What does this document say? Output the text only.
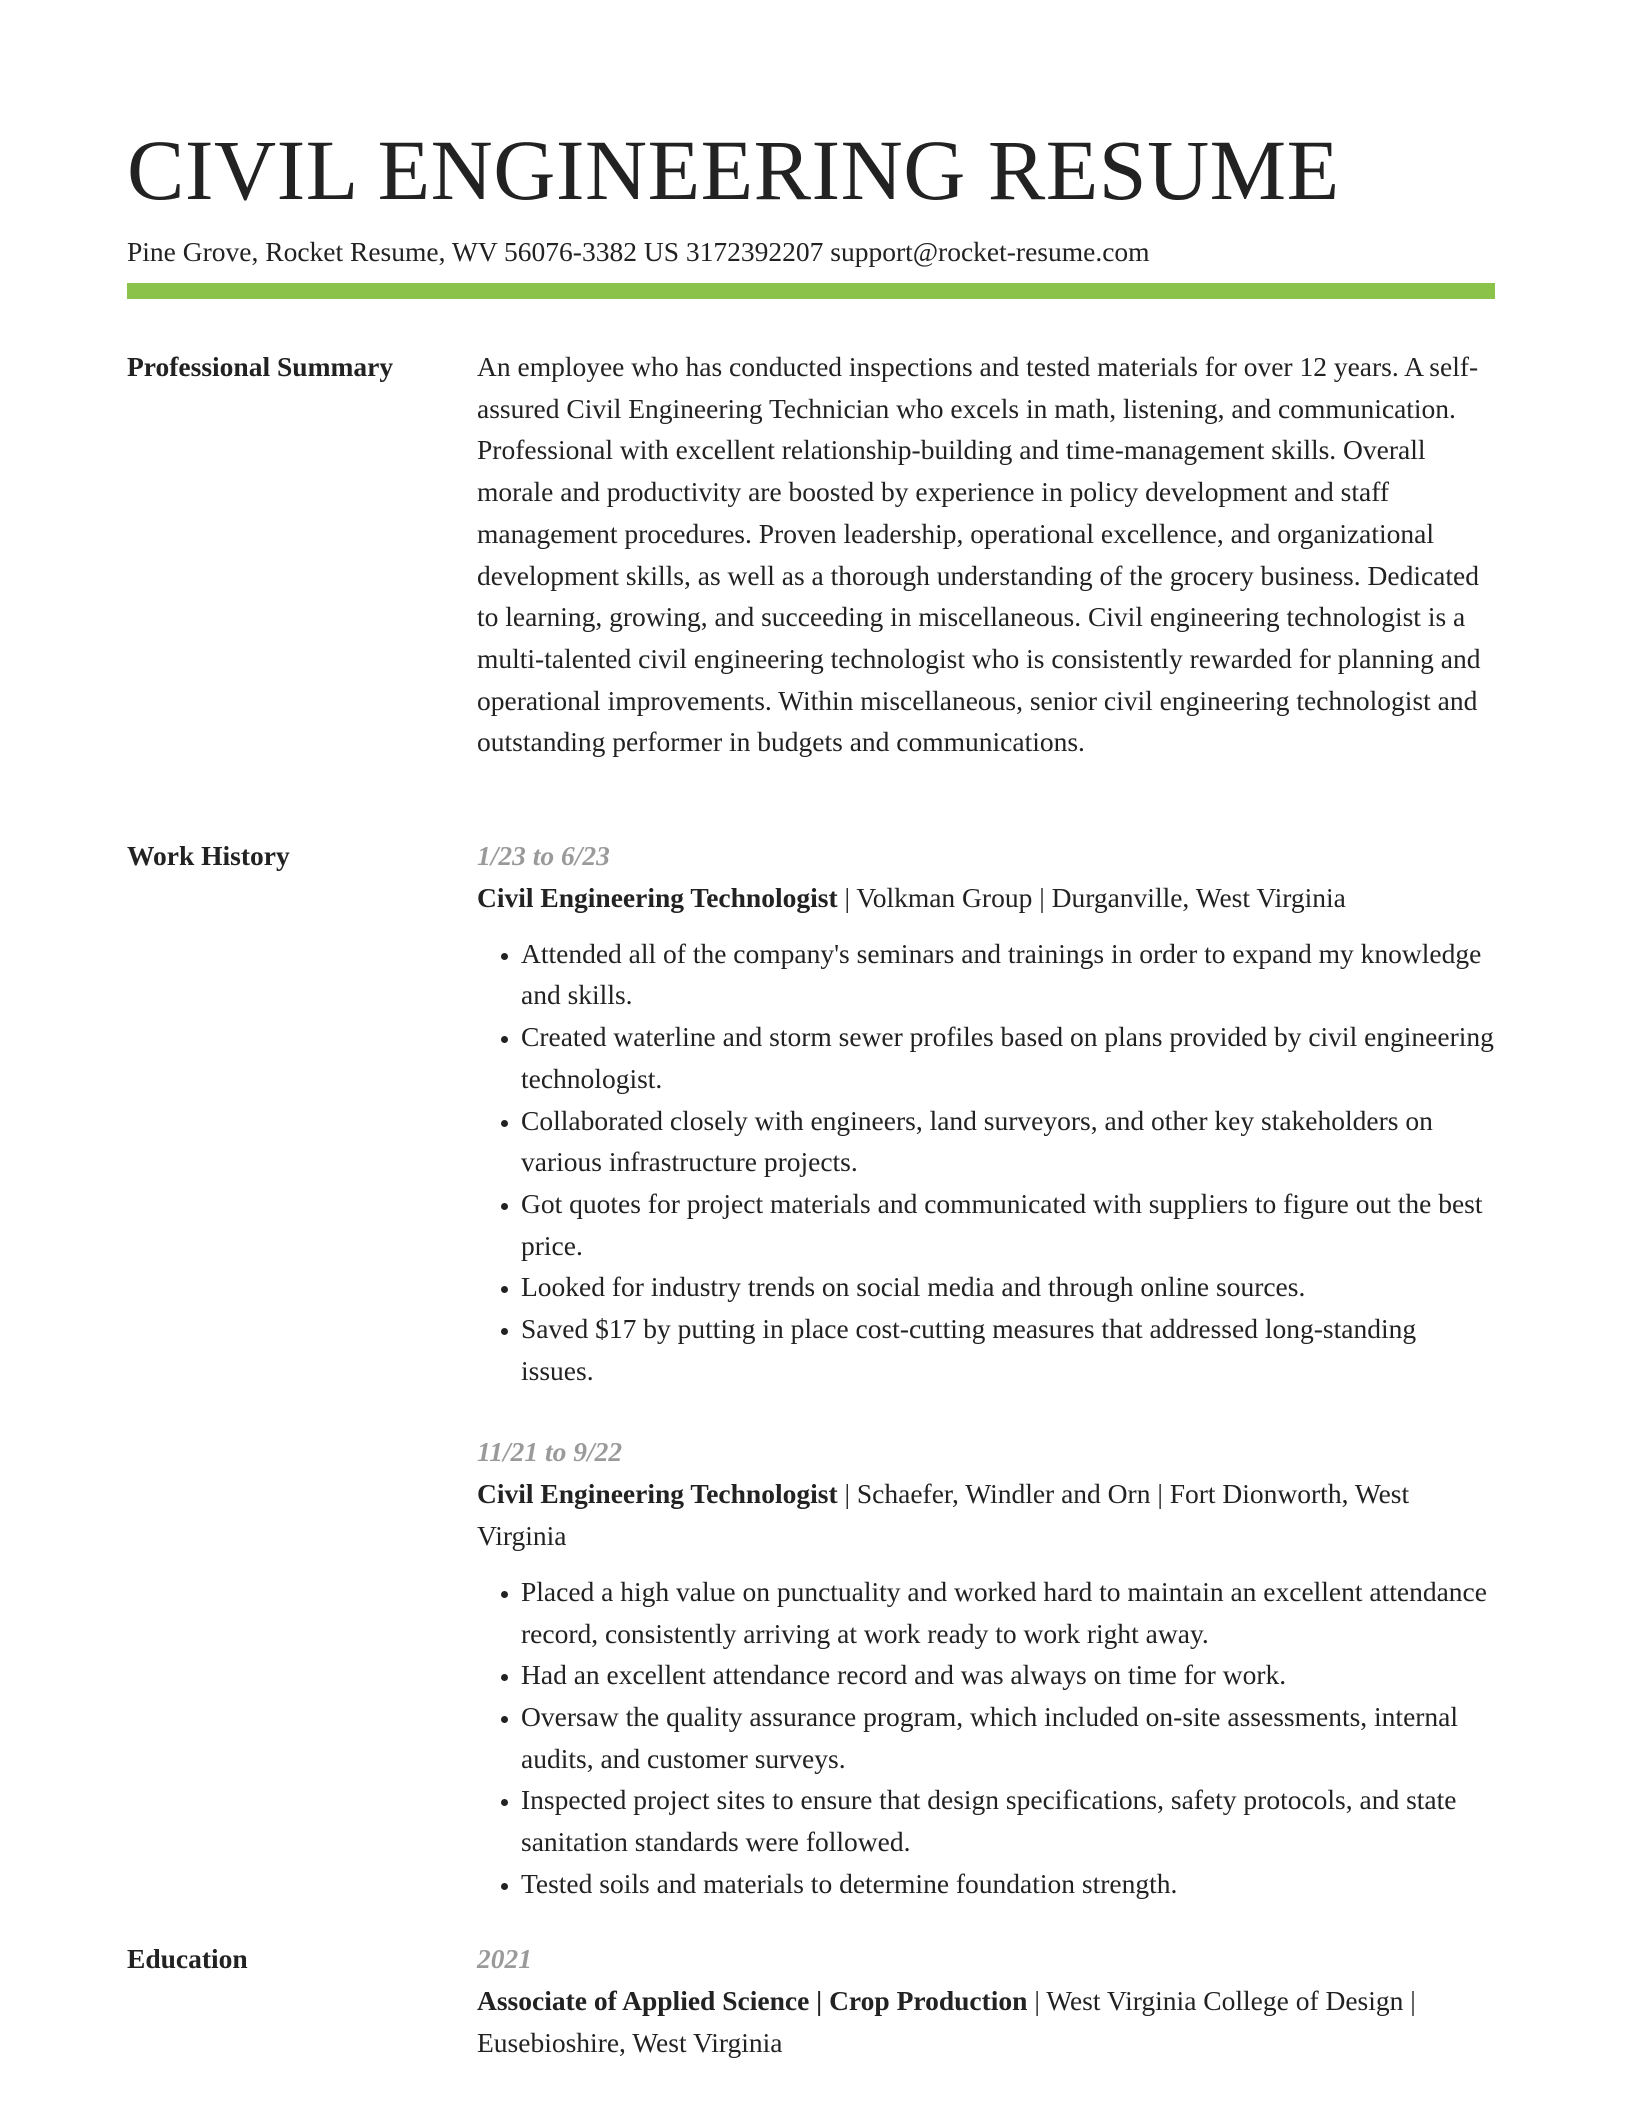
CIVIL ENGINEERING RESUME
Pine Grove, Rocket Resume, WV 56076-3382 US 3172392207 support@rocket-resume.com
Professional Summary	An employee who has conducted inspections and tested materials for over 12 years. A self-assured Civil Engineering Technician who excels in math, listening, and communication. Professional with excellent relationship-building and time-management skills. Overall morale and productivity are boosted by experience in policy development and staff management procedures. Proven leadership, operational excellence, and organizational development skills, as well as a thorough understanding of the grocery business. Dedicated to learning, growing, and succeeding in miscellaneous. Civil engineering technologist is a multi-talented civil engineering technologist who is consistently rewarded for planning and operational improvements. Within miscellaneous, senior civil engineering technologist and outstanding performer in budgets and communications.

Work History	1/23 to 6/23
Civil Engineering Technologist | Volkman Group | Durganville, West Virginia
• Attended all of the company's seminars and trainings in order to expand my knowledge and skills.
• Created waterline and storm sewer profiles based on plans provided by civil engineering technologist.
• Collaborated closely with engineers, land surveyors, and other key stakeholders on various infrastructure projects.
• Got quotes for project materials and communicated with suppliers to figure out the best price.
• Looked for industry trends on social media and through online sources.
• Saved $17 by putting in place cost-cutting measures that addressed long-standing issues.
11/21 to 9/22
Civil Engineering Technologist | Schaefer, Windler and Orn | Fort Dionworth, West Virginia
• Placed a high value on punctuality and worked hard to maintain an excellent attendance record, consistently arriving at work ready to work right away.
• Had an excellent attendance record and was always on time for work.
• Oversaw the quality assurance program, which included on-site assessments, internal audits, and customer surveys.
• Inspected project sites to ensure that design specifications, safety protocols, and state sanitation standards were followed.
• Tested soils and materials to determine foundation strength.
Education	2021
Associate of Applied Science | Crop Production | West Virginia College of Design | Eusebioshire, West Virginia
